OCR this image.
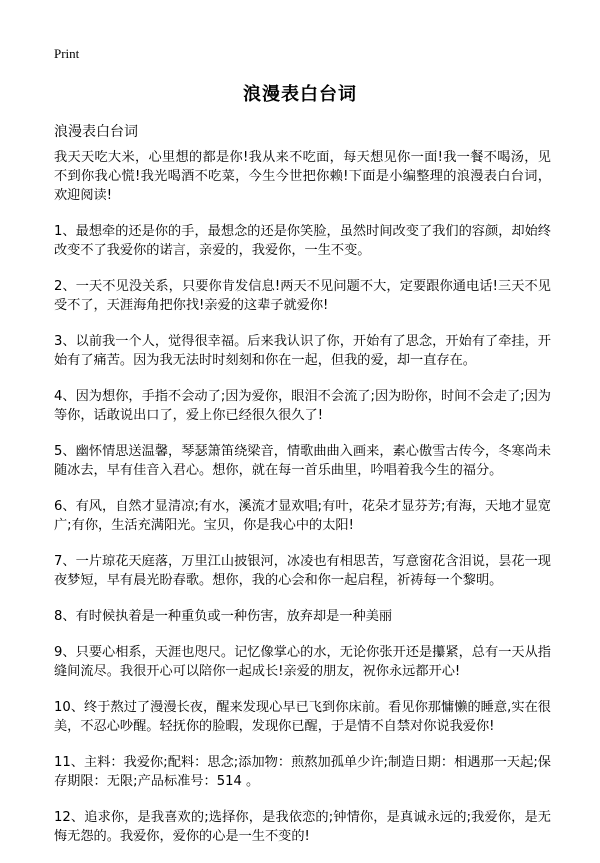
Print
浪漫表白台词

浪漫表白台词

我天天吃大米，心里想的都是你!我从来不吃面，每天想见你一面!我一餐不喝汤，见不到你我心慌!我光喝酒不吃菜，今生今世把你赖!下面是小编整理的浪漫表白台词，欢迎阅读!

1、最想牵的还是你的手，最想念的还是你笑脸，虽然时间改变了我们的容颜，却始终改变不了我爱你的诺言，亲爱的，我爱你，一生不变。

2、一天不见没关系，只要你肯发信息!两天不见问题不大，定要跟你通电话!三天不见受不了，天涯海角把你找!亲爱的这辈子就爱你!

3、以前我一个人，觉得很幸福。后来我认识了你，开始有了思念，开始有了牵挂，开始有了痛苦。因为我无法时时刻刻和你在一起，但我的爱，却一直存在。

4、因为想你，手指不会动了;因为爱你，眼泪不会流了;因为盼你，时间不会走了;因为等你，话敢说出口了，爱上你已经很久很久了!

5、幽怀情思送温馨，琴瑟箫笛绕梁音，情歌曲曲入画来，素心傲雪古传今，冬寒尚未随冰去，早有佳音入君心。想你，就在每一首乐曲里，吟唱着我今生的福分。

6、有风，自然才显清凉;有水，溪流才显欢唱;有叶，花朵才显芬芳;有海，天地才显宽广;有你，生活充满阳光。宝贝，你是我心中的太阳!

7、一片琼花天庭落，万里江山披银河，冰凌也有相思苦，写意窗花含泪说，昙花一现夜梦短，早有晨光盼春歌。想你，我的心会和你一起启程，祈祷每一个黎明。

8、有时候执着是一种重负或一种伤害，放弃却是一种美丽

9、只要心相系，天涯也咫尺。记忆像掌心的水，无论你张开还是攥紧，总有一天从指缝间流尽。我很开心可以陪你一起成长!亲爱的朋友，祝你永远都开心!

10、终于熬过了漫漫长夜，醒来发现心早已飞到你床前。看见你那慵懒的睡意,实在很美，不忍心吵醒。轻抚你的脸暇，发现你已醒，于是情不自禁对你说我爱你!

11、主料：我爱你;配料：思念;添加物：煎熬加孤单少许;制造日期：相遇那一天起;保存期限：无限;产品标准号：514 。

12、追求你，是我喜欢的;选择你，是我依恋的;钟情你，是真诚永远的;我爱你，是无悔无怨的。我爱你，爱你的心是一生不变的!
